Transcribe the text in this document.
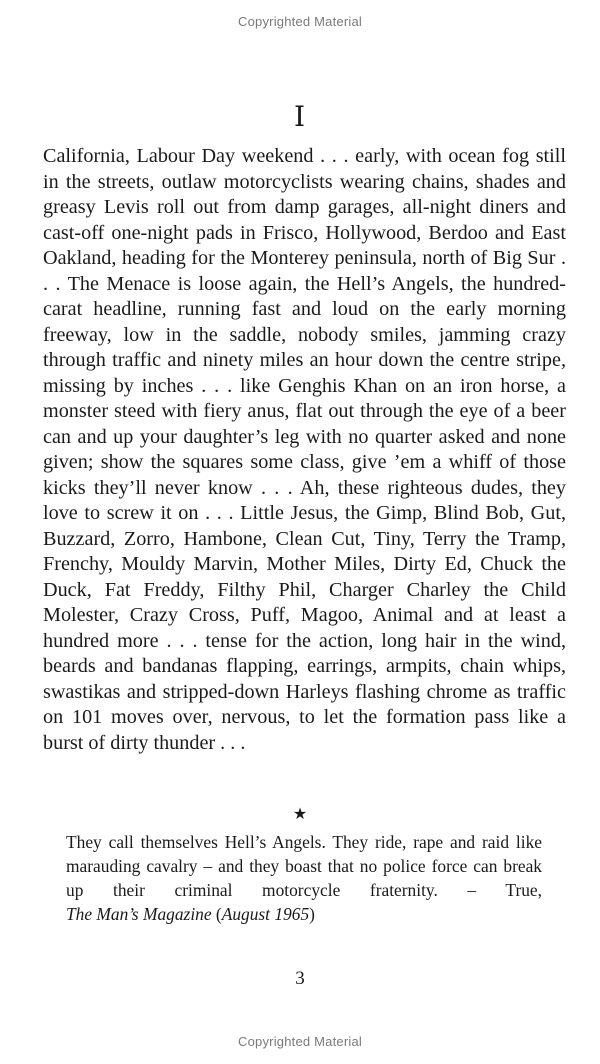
Copyrighted Material
I

California, Labour Day weekend . . . early, with ocean fog still in the streets, outlaw motorcyclists wearing chains, shades and greasy Levis roll out from damp garages, all-night diners and cast-off one-night pads in Frisco, Hollywood, Berdoo and East Oakland, heading for the Monterey peninsula, north of Big Sur . . . The Menace is loose again, the Hell’s Angels, the hundred-carat headline, running fast and loud on the early morning freeway, low in the saddle, nobody smiles, jamming crazy through traffic and ninety miles an hour down the centre stripe, missing by inches . . . like Genghis Khan on an iron horse, a monster steed with fiery anus, flat out through the eye of a beer can and up your daughter’s leg with no quarter asked and none given; show the squares some class, give ’em a whiff of those kicks they’ll never know . . . Ah, these righteous dudes, they love to screw it on . . . Little Jesus, the Gimp, Blind Bob, Gut, Buzzard, Zorro, Hambone, Clean Cut, Tiny, Terry the Tramp, Frenchy, Mouldy Marvin, Mother Miles, Dirty Ed, Chuck the Duck, Fat Freddy, Filthy Phil, Charger Charley the Child Molester, Crazy Cross, Puff, Magoo, Animal and at least a hundred more . . . tense for the action, long hair in the wind, beards and bandanas flapping, earrings, armpits, chain whips, swastikas and stripped-down Harleys flashing chrome as traffic on 101 moves over, nervous, to let the formation pass like a burst of dirty thunder . . .

★

They call themselves Hell’s Angels. They ride, rape and raid like marauding cavalry – and they boast that no police force can break up their criminal motorcycle fraternity. – True, The Man’s Magazine (August 1965)

3
Copyrighted Material
